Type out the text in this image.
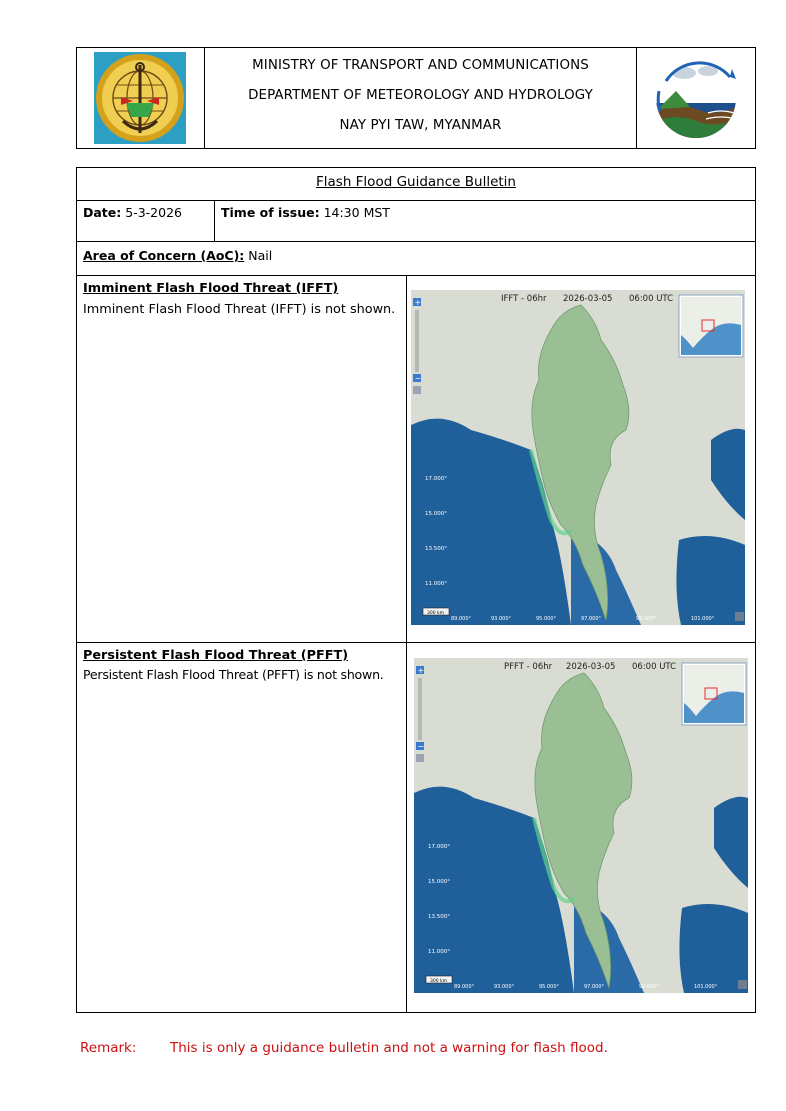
MINISTRY OF TRANSPORT AND COMMUNICATIONS
DEPARTMENT OF METEOROLOGY AND HYDROLOGY
NAY PYI TAW, MYANMAR
Flash Flood Guidance Bulletin
Date: 5-3-2026	Time of issue: 14:30 MST
Area of Concern (AoC): Nail
Imminent Flash Flood Threat (IFFT)
Imminent Flash Flood Threat (IFFT) is not shown.
17.000°
15.000°
13.500°
11.000°
89.000°	93.000°	95.000°	97.000°	99.000°	101.000°
IFFT - 06hr 2026-03-05 06:00 UTC
+
−
300 km
Persistent Flash Flood Threat (PFFT)
Persistent Flash Flood Threat (PFFT) is not shown.
17.000°
15.000°
13.500°
11.000°
89.000°	93.000°	95.000°	97.000°	99.000°	101.000°
PFFT - 06hr 2026-03-05 06:00 UTC
+
−
300 km
Remark: This is only a guidance bulletin and not a warning for flash flood.
